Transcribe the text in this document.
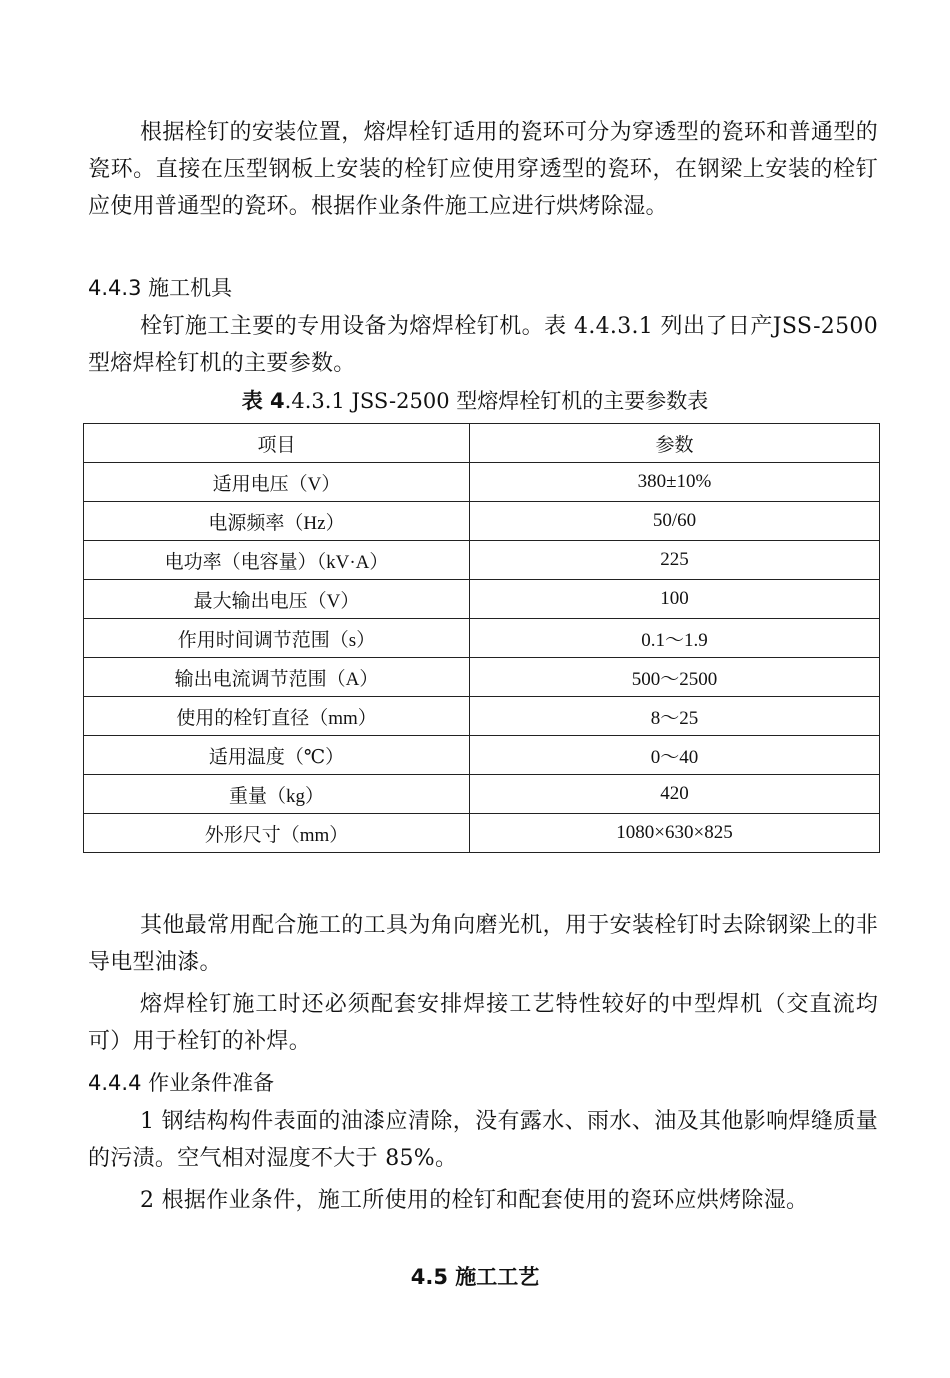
根据栓钉的安装位置，熔焊栓钉适用的瓷环可分为穿透型的瓷环和普通型的瓷环。直接在压型钢板上安装的栓钉应使用穿透型的瓷环，在钢梁上安装的栓钉应使用普通型的瓷环。根据作业条件施工应进行烘烤除湿。

4.4.3 施工机具

栓钉施工主要的专用设备为熔焊栓钉机。表 4.4.3.1 列出了日产JSS-2500 型熔焊栓钉机的主要参数。

表 4.4.3.1 JSS-2500 型熔焊栓钉机的主要参数表

项目	参数
适用电压（V）	380±10%
电源频率（Hz）	50/60
电功率（电容量）（kV·A）	225
最大输出电压（V）	100
作用时间调节范围（s）	0.1～1.9
输出电流调节范围（A）	500～2500
使用的栓钉直径（mm）	8～25
适用温度（℃）	0～40
重量（kg）	420
外形尺寸（mm）	1080×630×825

其他最常用配合施工的工具为角向磨光机，用于安装栓钉时去除钢梁上的非导电型油漆。

熔焊栓钉施工时还必须配套安排焊接工艺特性较好的中型焊机（交直流均可）用于栓钉的补焊。

4.4.4 作业条件准备

1 钢结构构件表面的油漆应清除，没有露水、雨水、油及其他影响焊缝质量的污渍。空气相对湿度不大于 85%。

2 根据作业条件，施工所使用的栓钉和配套使用的瓷环应烘烤除湿。

4.5 施工工艺
